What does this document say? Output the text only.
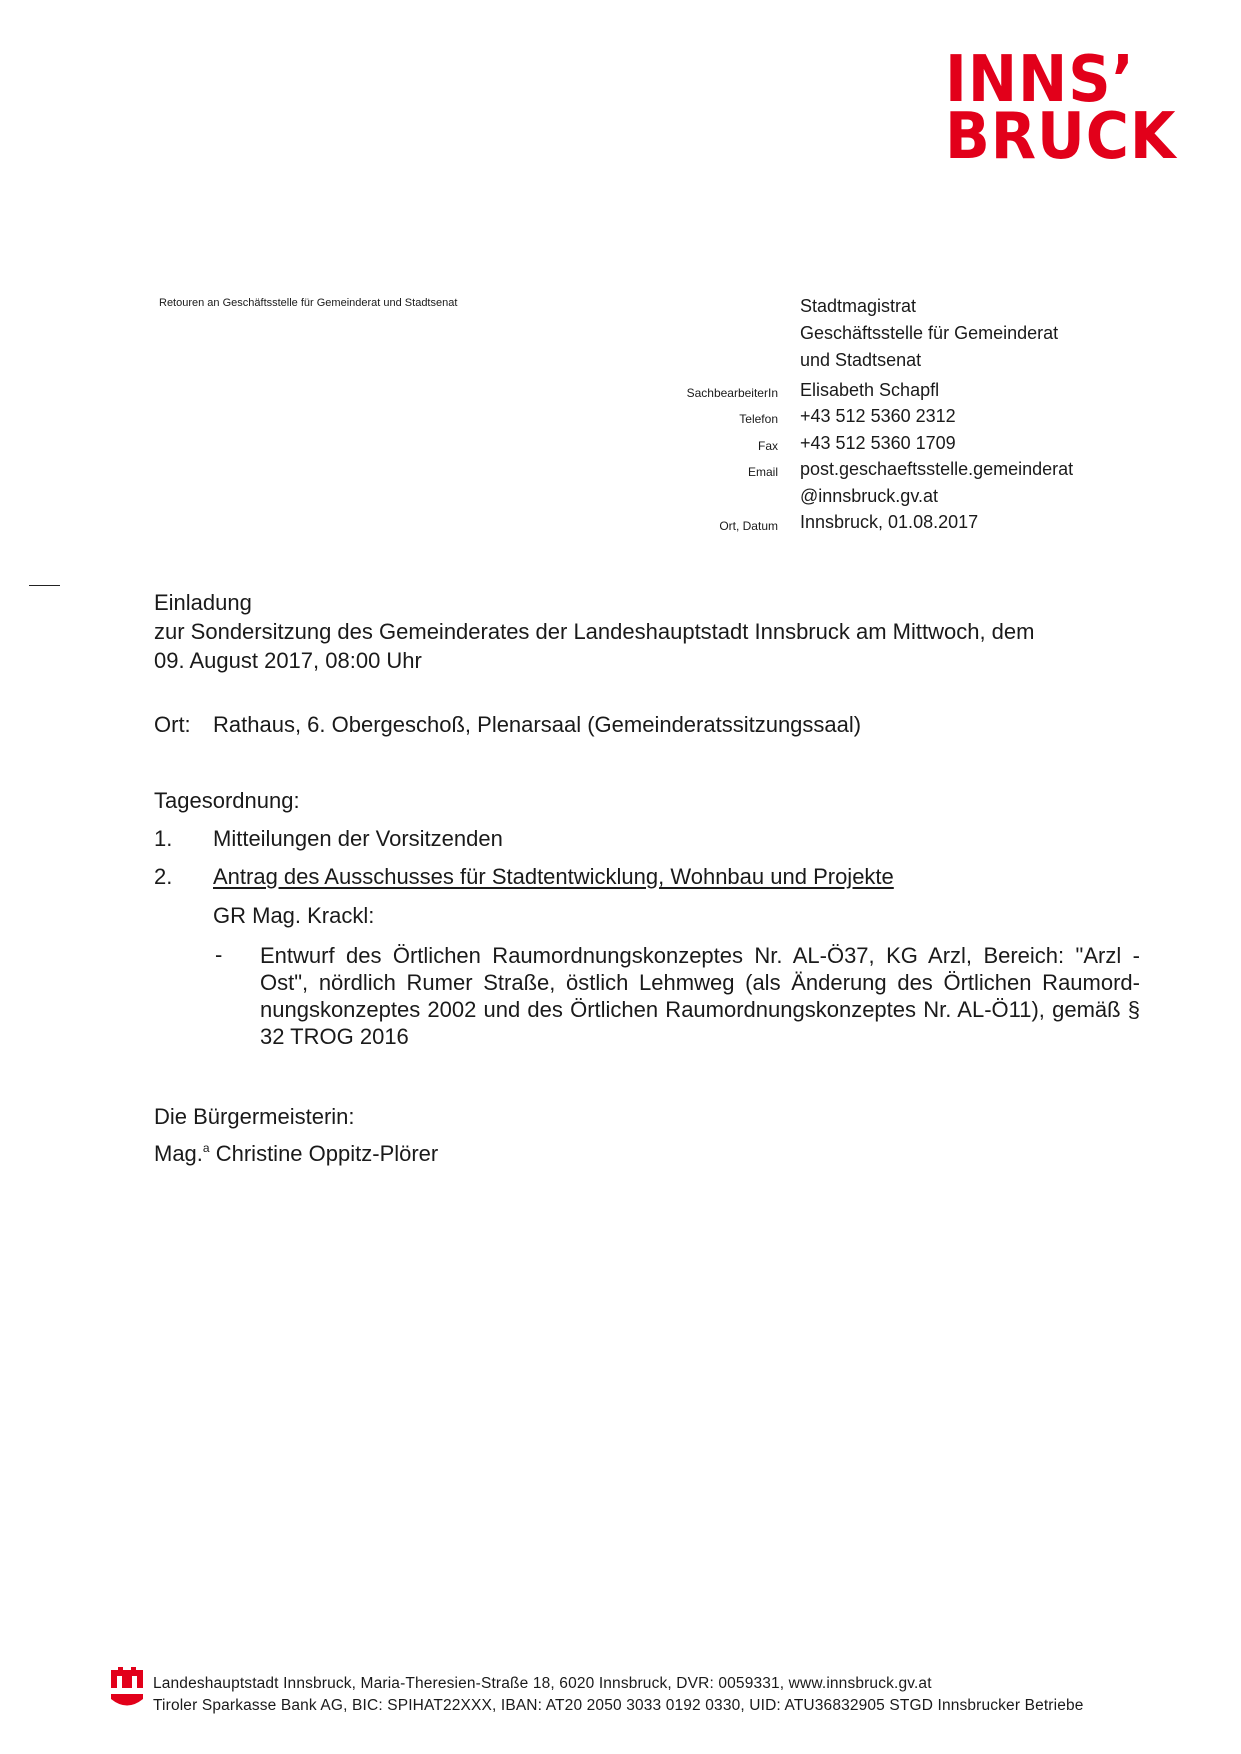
INNS’
BRUCK
Retouren an Geschäftsstelle für Gemeinderat und Stadtsenat	Stadtmagistrat
Geschäftsstelle für Gemeinderat
und Stadtsenat
SachbearbeiterIn Elisabeth Schapfl
Telefon +43 512 5360 2312
Fax +43 512 5360 1709
Email post.geschaeftsstelle.gemeinderat
@innsbruck.gv.at
Ort, Datum Innsbruck, 01.08.2017
Einladung
zur Sondersitzung des Gemeinderates der Landeshauptstadt Innsbruck am Mittwoch, dem
09. August 2017, 08:00 Uhr
Ort: Rathaus, 6. Obergeschoß, Plenarsaal (Gemeinderatssitzungssaal)
Tagesordnung:
1. Mitteilungen der Vorsitzenden
2. Antrag des Ausschusses für Stadtentwicklung, Wohnbau und Projekte
GR Mag. Krackl:
- Entwurf des Örtlichen Raumordnungskonzeptes Nr. AL-Ö37, KG Arzl, Bereich: "Arzl - Ost", nördlich Rumer Straße, östlich Lehmweg (als Änderung des Örtlichen Raumordnungskonzeptes 2002 und des Örtlichen Raumordnungskonzeptes Nr. AL-Ö11), gemäß § 32 TROG 2016
Die Bürgermeisterin:
Mag.$^a$ Christine Oppitz-Plörer
Landeshauptstadt Innsbruck, Maria-Theresien-Straße 18, 6020 Innsbruck, DVR: 0059331, www.innsbruck.gv.at
Tiroler Sparkasse Bank AG, BIC: SPIHAT22XXX, IBAN: AT20 2050 3033 0192 0330, UID: ATU36832905 STGD Innsbrucker Betriebe
